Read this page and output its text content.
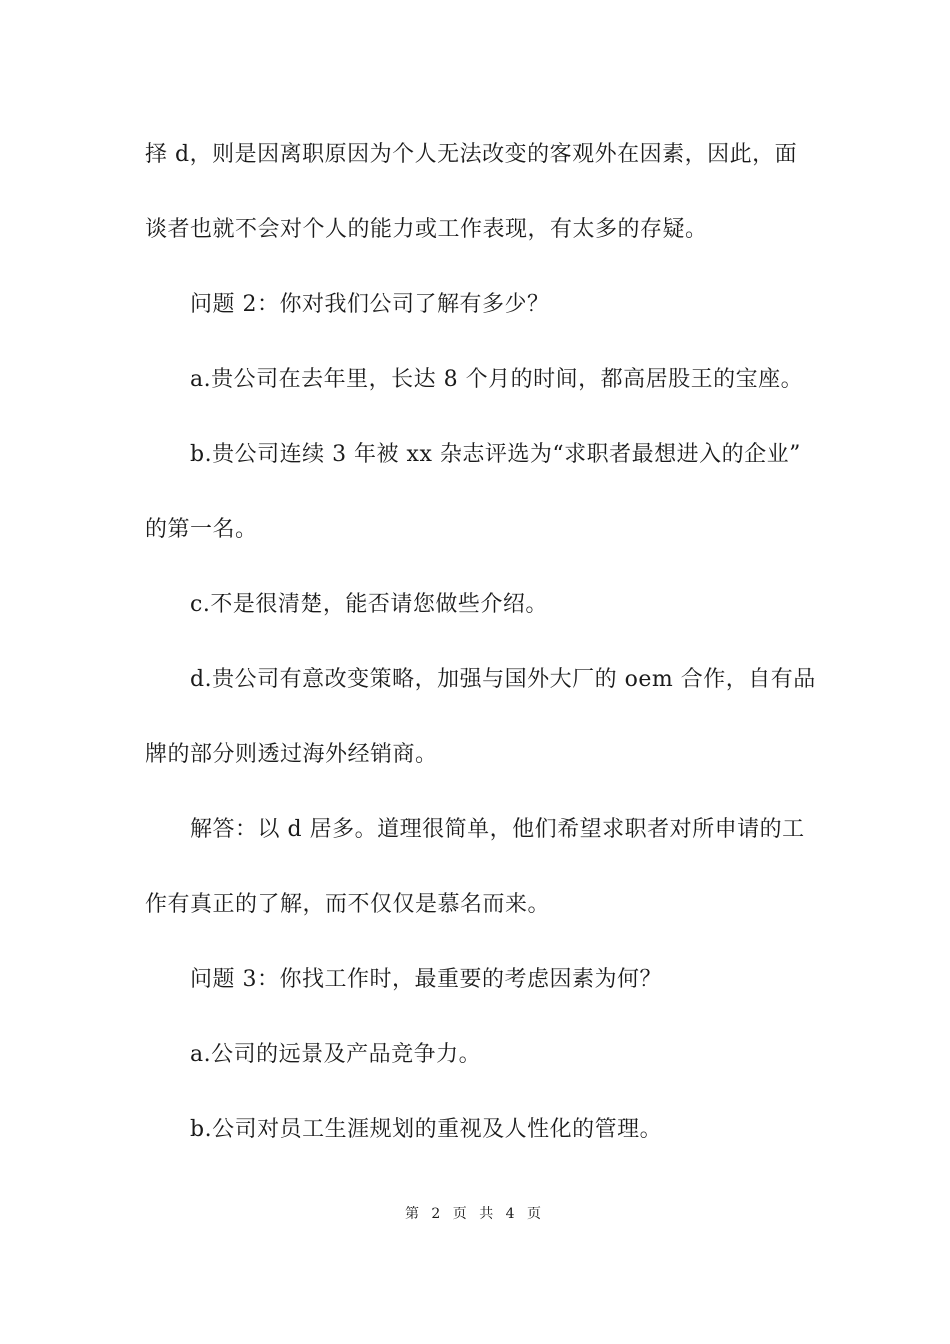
择 d，则是因离职原因为个人无法改变的客观外在因素，因此，面
谈者也就不会对个人的能力或工作表现，有太多的存疑。
问题 2：你对我们公司了解有多少？
a.贵公司在去年里，长达 8 个月的时间，都高居股王的宝座。
b.贵公司连续 3 年被 xx 杂志评选为“求职者最想进入的企业”
的第一名。
c.不是很清楚，能否请您做些介绍。
d.贵公司有意改变策略，加强与国外大厂的 oem 合作，自有品
牌的部分则透过海外经销商。
解答：以 d 居多。道理很简单，他们希望求职者对所申请的工
作有真正的了解，而不仅仅是慕名而来。
问题 3：你找工作时，最重要的考虑因素为何？
a.公司的远景及产品竞争力。
b.公司对员工生涯规划的重视及人性化的管理。
第 2 页 共 4 页
